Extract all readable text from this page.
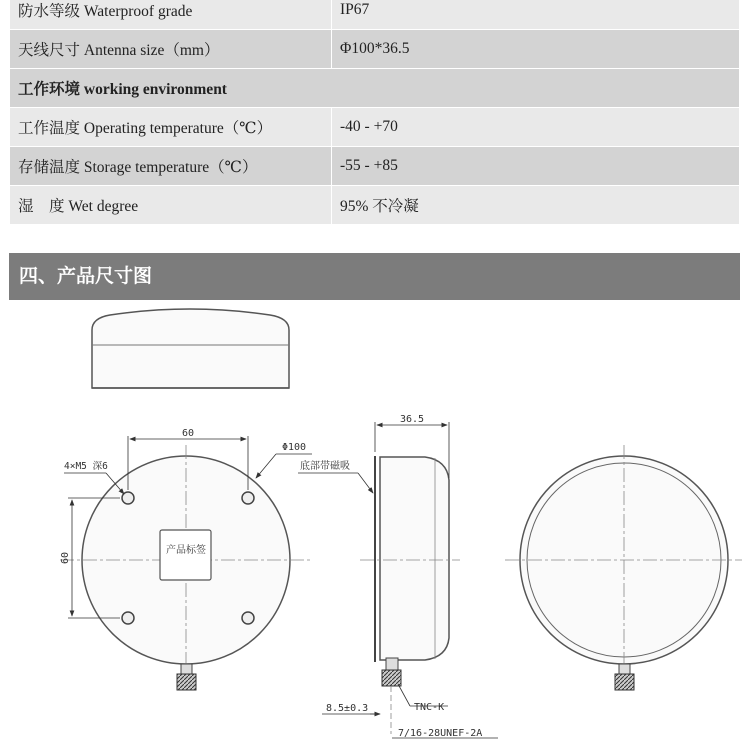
防水等级 Waterproof grade	IP67
天线尺寸 Antenna size（mm）	Φ100*36.5
工作环境 working environment	
工作温度 Operating temperature（℃）	-40 - +70
存储温度 Storage temperature（℃）	-55 - +85
湿　度 Wet degree	95% 不冷凝
四、产品尺寸图
产品标签
60
60
4×M5 深6
Φ100
36.5
底部带磁吸
TNC-K
8.5±0.3
7/16-28UNEF-2A
